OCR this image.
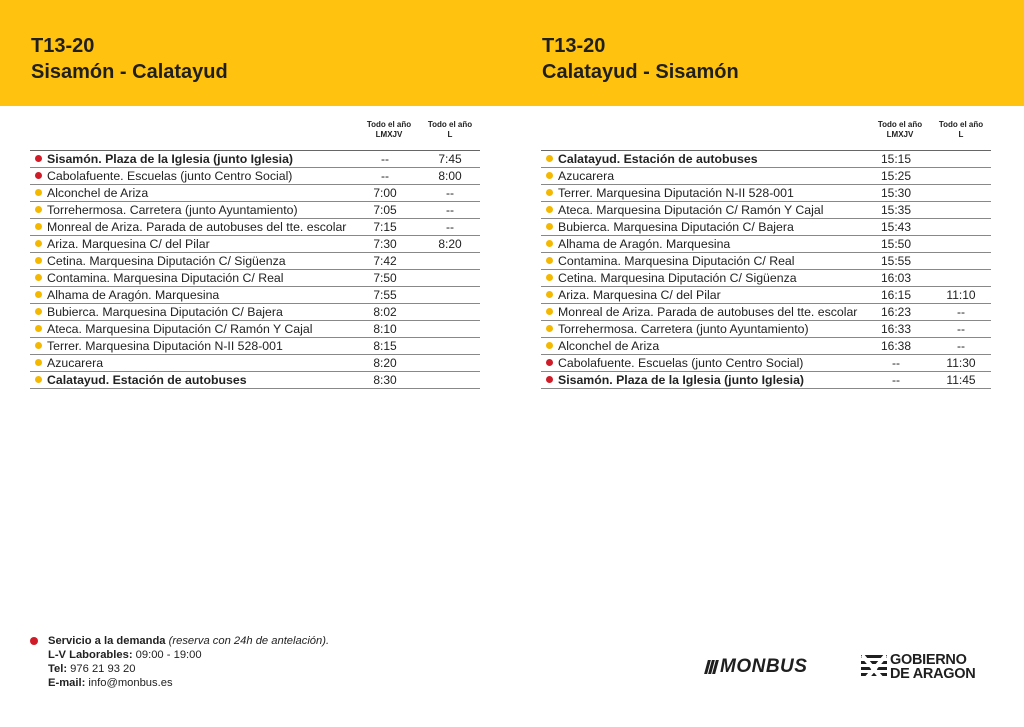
T13-20
Sisamón - Calatayud
T13-20
Calatayud - Sisamón
Todo el año
LMXJV
Todo el año
L
Sisamón. Plaza de la Iglesia (junto Iglesia)	--	7:45
Cabolafuente. Escuelas (junto Centro Social)	--	8:00
Alconchel de Ariza	7:00	--
Torrehermosa. Carretera (junto Ayuntamiento)	7:05	--
Monreal de Ariza. Parada de autobuses del tte. escolar	7:15	--
Ariza. Marquesina C/ del Pilar	7:30	8:20
Cetina. Marquesina Diputación C/ Sigüenza	7:42
Contamina. Marquesina Diputación C/ Real	7:50
Alhama de Aragón. Marquesina	7:55
Bubierca. Marquesina Diputación C/ Bajera	8:02
Ateca. Marquesina Diputación C/ Ramón Y Cajal	8:10
Terrer. Marquesina Diputación N-II 528-001	8:15
Azucarera	8:20
Calatayud. Estación de autobuses	8:30
Todo el año
LMXJV
Todo el año
L
Calatayud. Estación de autobuses	15:15
Azucarera	15:25
Terrer. Marquesina Diputación N-II 528-001	15:30
Ateca. Marquesina Diputación C/ Ramón Y Cajal	15:35
Bubierca. Marquesina Diputación C/ Bajera	15:43
Alhama de Aragón. Marquesina	15:50
Contamina. Marquesina Diputación C/ Real	15:55
Cetina. Marquesina Diputación C/ Sigüenza	16:03
Ariza. Marquesina C/ del Pilar	16:15	11:10
Monreal de Ariza. Parada de autobuses del tte. escolar	16:23	--
Torrehermosa. Carretera (junto Ayuntamiento)	16:33	--
Alconchel de Ariza	16:38	--
Cabolafuente. Escuelas (junto Centro Social)	--	11:30
Sisamón. Plaza de la Iglesia (junto Iglesia)	--	11:45
Servicio a la demanda (reserva con 24h de antelación).
L-V Laborables: 09:00 - 19:00
Tel: 976 21 93 20
E-mail: info@monbus.es
MONBUS	GOBIERNO
DE ARAGON
